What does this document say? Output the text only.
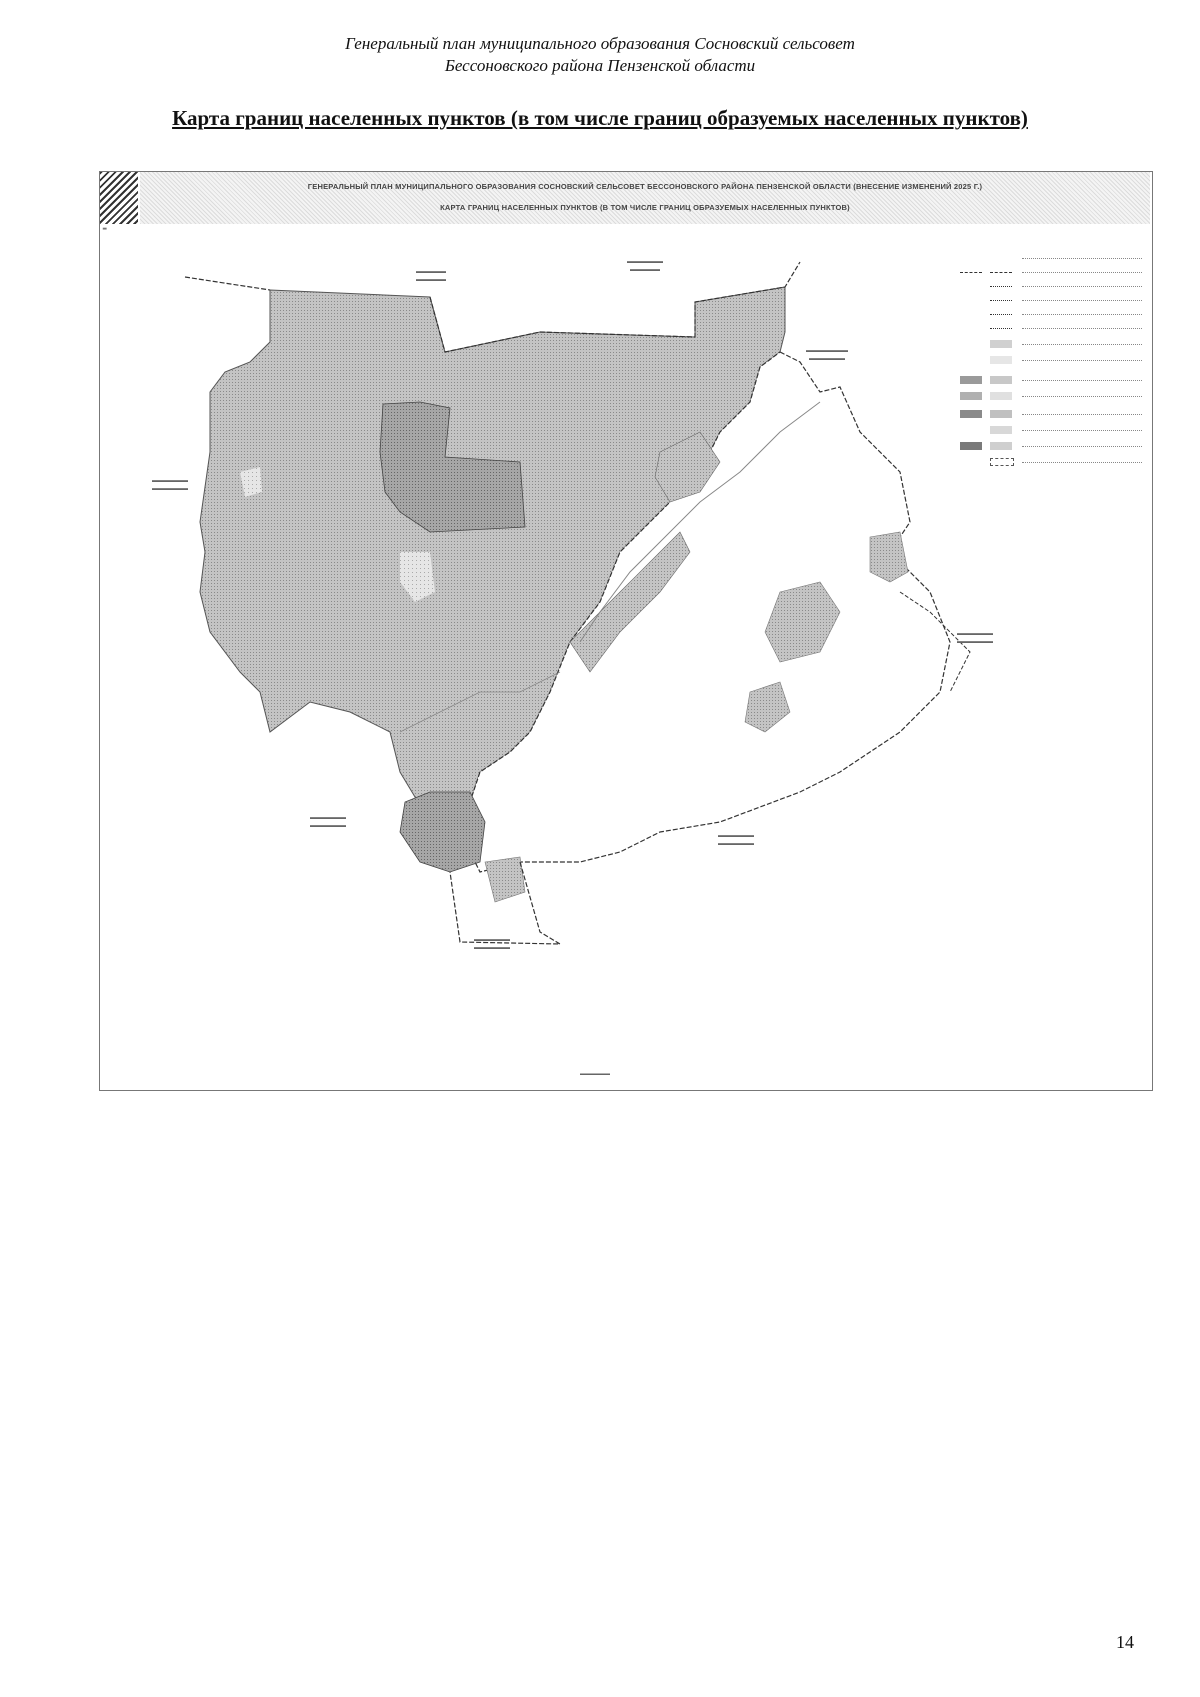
Генеральный план муниципального образования Сосновский сельсовет
Бессоновского района Пензенской области
Карта границ населенных пунктов (в том числе границ образуемых населенных пунктов)
ГЕНЕРАЛЬНЫЙ ПЛАН МУНИЦИПАЛЬНОГО ОБРАЗОВАНИЯ СОСНОВСКИЙ СЕЛЬСОВЕТ БЕССОНОВСКОГО РАЙОНА ПЕНЗЕНСКОЙ ОБЛАСТИ (ВНЕСЕНИЕ ИЗМЕНЕНИЙ 2025 Г.)
КАРТА ГРАНИЦ НАСЕЛЕННЫХ ПУНКТОВ (В ТОМ ЧИСЛЕ ГРАНИЦ ОБРАЗУЕМЫХ НАСЕЛЕННЫХ ПУНКТОВ)
▮
▬▬▬▬▬
▬▬▬▬▬
▬▬▬▬▬▬
▬▬▬▬▬
▬▬▬▬▬▬
▬▬▬▬▬▬
▬▬▬▬▬▬▬
▬▬▬▬▬▬
▬▬▬▬▬▬
▬▬▬▬▬▬
▬▬▬▬▬▬
▬▬▬▬▬▬
▬▬▬▬▬▬
▬▬▬▬▬▬
▬▬▬▬▬▬
▬▬▬▬▬▬
▬▬▬▬▬▬
14
